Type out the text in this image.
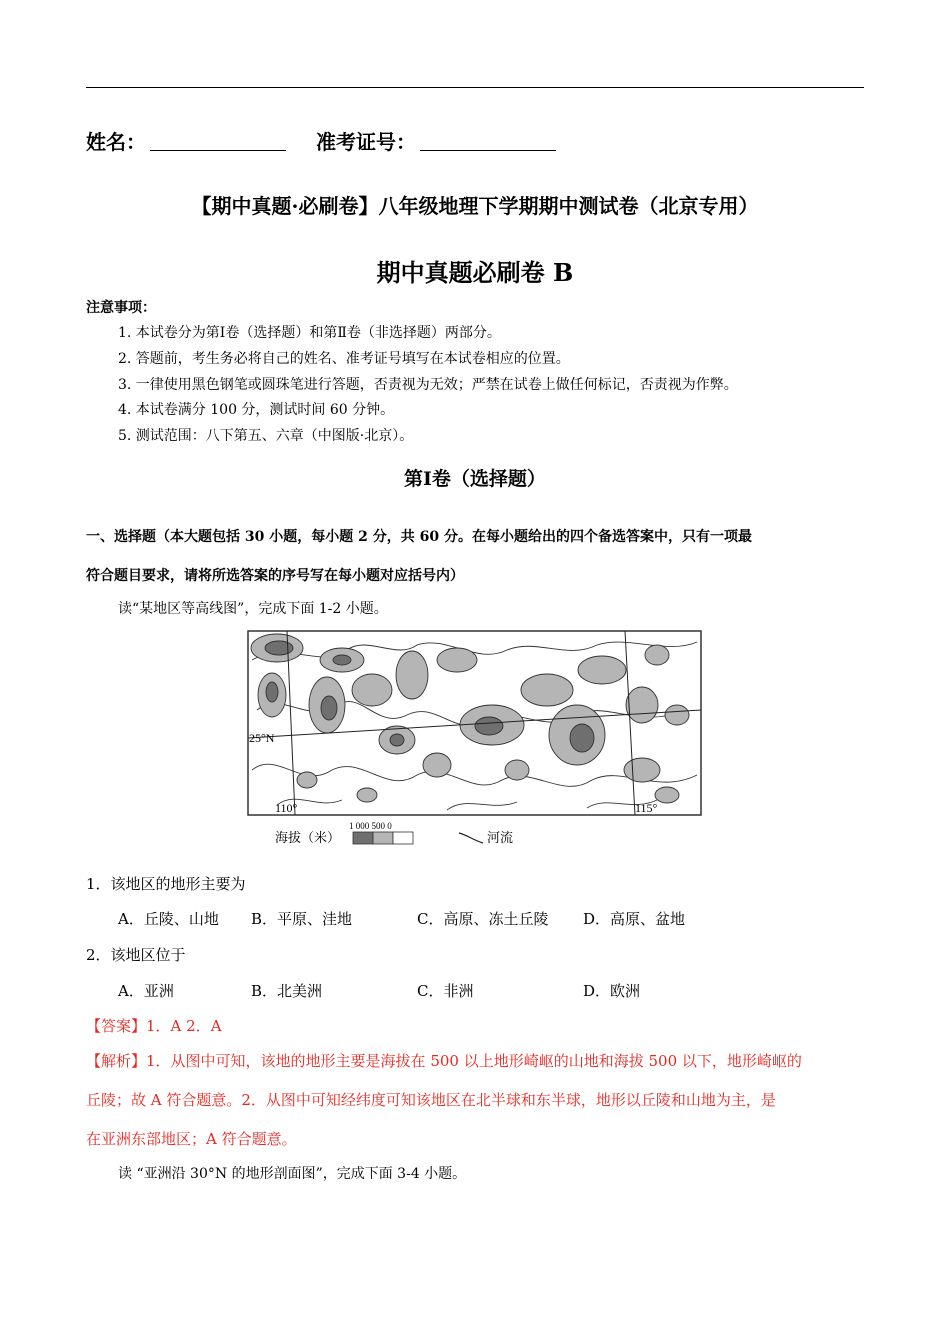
姓名：	准考证号：
【期中真题·必刷卷】八年级地理下学期期中测试卷（北京专用）
期中真题必刷卷 B
注意事项：
1. 本试卷分为第Ⅰ卷（选择题）和第Ⅱ卷（非选择题）两部分。
2. 答题前，考生务必将自己的姓名、准考证号填写在本试卷相应的位置。
3. 一律使用黑色钢笔或圆珠笔进行答题，否责视为无效；严禁在试卷上做任何标记，否责视为作弊。
4. 本试卷满分 100 分，测试时间 60 分钟。
5. 测试范围：八下第五、六章（中图版·北京）。
第Ⅰ卷（选择题）
一、选择题（本大题包括 30 小题，每小题 2 分，共 60 分。在每小题给出的四个备选答案中，只有一项最
符合题目要求，请将所选答案的序号写在每小题对应括号内）
读“某地区等高线图”，完成下面 1-2 小题。
25°N
110°	115°
海拔（米）
1 000 500 0
河流
1．该地区的地形主要为
A．丘陵、山地 B．平原、洼地	C．高原、冻土丘陵 D．高原、盆地
2．该地区位于
A．亚洲	B．北美洲	C．非洲	D．欧洲
【答案】1．A 2．A
【解析】1．从图中可知，该地的地形主要是海拔在 500 以上地形崎岖的山地和海拔 500 以下，地形崎岖的
丘陵；故 A 符合题意。2．从图中可知经纬度可知该地区在北半球和东半球，地形以丘陵和山地为主，是
在亚洲东部地区；A 符合题意。
读 “亚洲沿 30°N 的地形剖面图”，完成下面 3-4 小题。
